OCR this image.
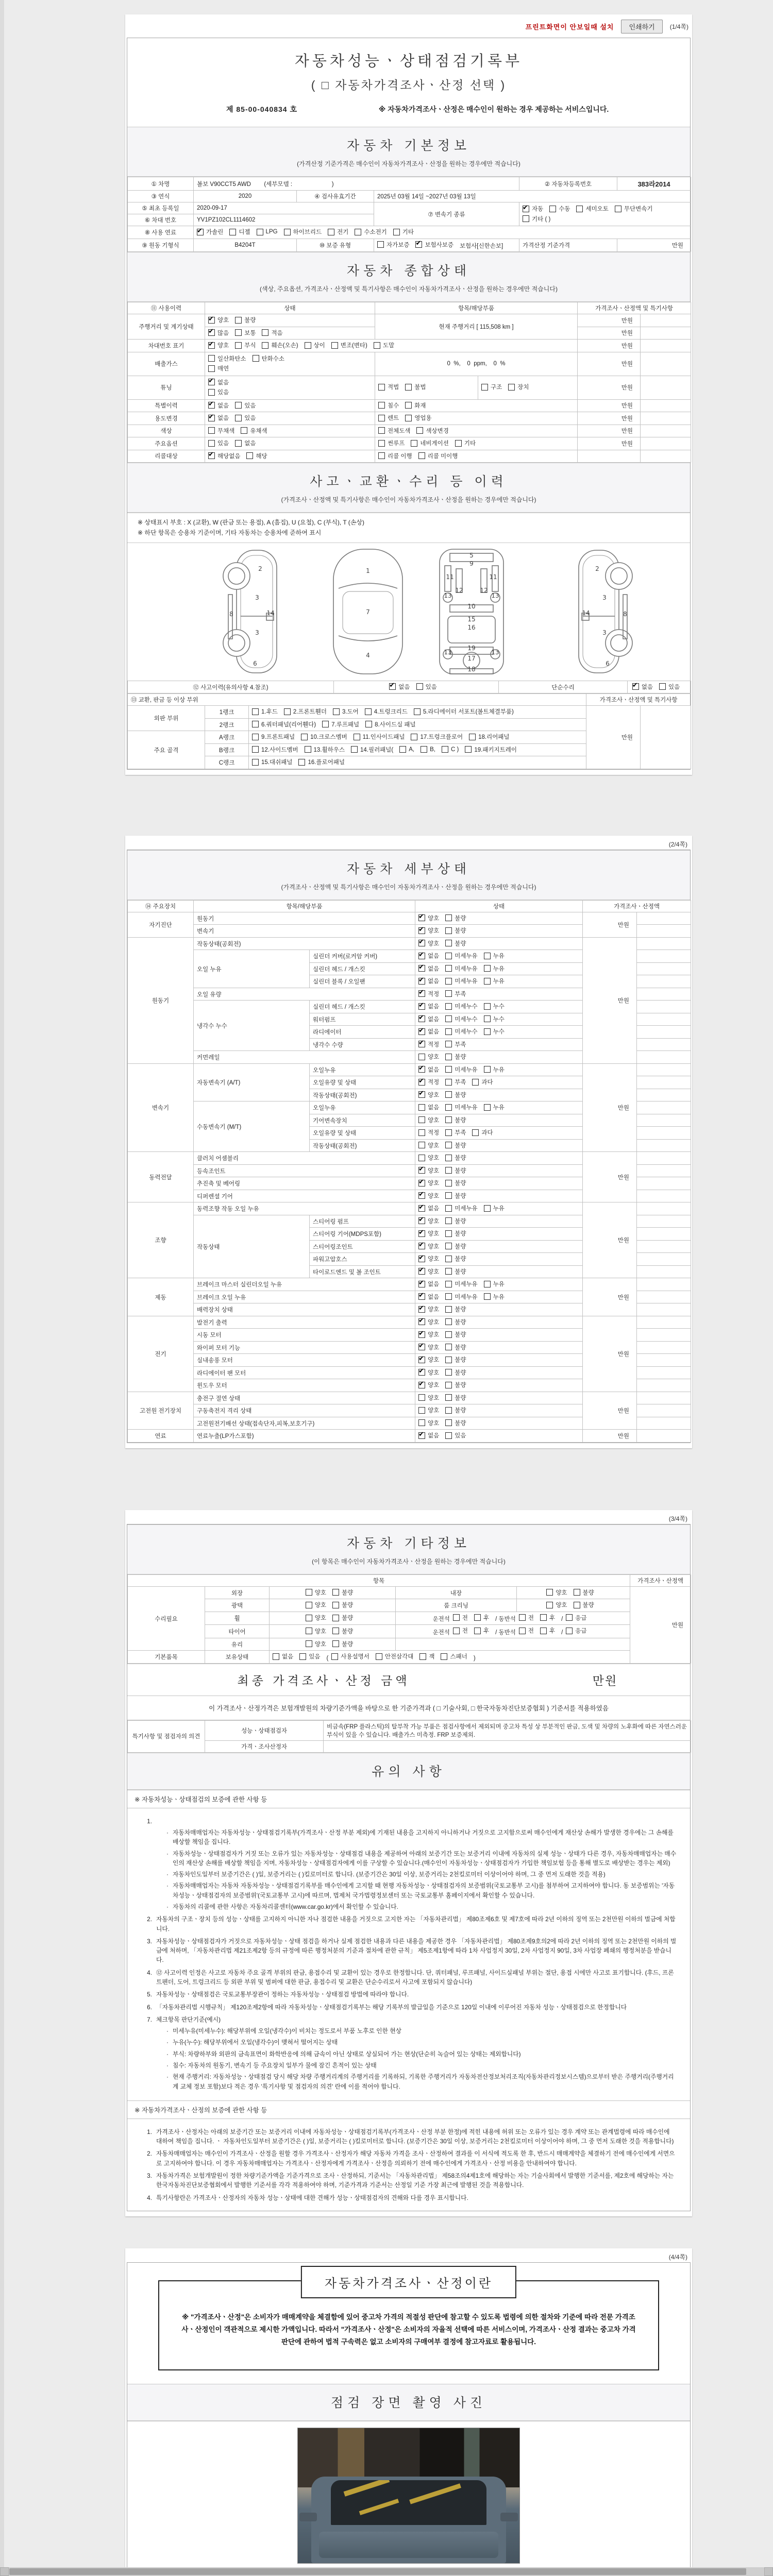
프린트화면이 안보일때 설치	인쇄하기	(1/4쪽)
자동차성능ㆍ상태점검기록부
( □ 자동차가격조사ㆍ산정 선택 )
제 85-00-040834 호	※ 자동차가격조사ㆍ산정은 매수인이 원하는 경우 제공하는 서비스입니다.
자동차 기본정보
(가격산정 기준가격은 매수인이 자동차가격조사ㆍ산정을 원하는 경우에만 적습니다)
① 차명	볼보 V90CCT5 AWD        (세부모델 :                        )			② 자동차등록번호	383라2014
③ 연식	2020	④ 검사유효기간	2025년 03월 14일 ~2027년 03월 13일		
⑤ 최초 등록일	2020-09-17		⑦ 변속기 종류	
✔
자동 수동 세미오토 무단변속기
기타 ( )

⑥ 차대 번호	YV1PZ102CL1114602				
⑧ 사용 연료	
✔가솔린	디젤	LPG	하이브리드	전기	수소전기	기타

⑨ 원동 기형식	B4204T	⑩ 보증 유형	자가보증 ✔ 보험사보증 보험사[신한손보]	가격산정 기준가격	만원
자동차 종합상태
(색상, 주요옵션, 가격조사ㆍ산정액 및 특기사항은 매수인이 자동차가격조사ㆍ산정을 원하는 경우에만 적습니다)
⑪ 사용이력	상태	항목/해당부품		가격조사ㆍ산정액 및 특기사항	
주행거리 및 계기상태	
✔
양호 불량	현재 주행거리 [ 115,508 km ]		만원	

✔
많음 보통 적음			만원	
차대번호 표기	
✔양호	부식	훼손(오손)	상이	변조(변타)	도말	만원	
배출가스	일산화탄소 탄화수소
매연	0  %,    0  ppm,    0  %		만원	
튜닝	
✔
없음
있음

적법	불법	구조	장치	만원	
특별이력	
✔없음 있음	침수 화재		만원	
용도변경	
✔없음 있음	렌트 영업용		만원	
색상	무채색 유채색	전체도색 색상변경		만원	
주요옵션	있음 없음	썬루프 네비게이션 기타		만원	
리콜대상	
✔해당없음 해당	리콜 이행 리콜 미이행			

사고ㆍ교환ㆍ수리 등 이력
(가격조사ㆍ산정액 및 특기사항은 매수인이 자동차가격조사ㆍ산정을 원하는 경우에만 적습니다)
※ 상태표시 부호 : X (교환), W (판금 또는 용접), A (흠집), U (요철), C (부식), T (손상)
※ 하단 항목은 승용차 기준이며, 기타 자동차는 승용차에 준하여 표시
2
3
8	14
3
6
1
7
4
5
9
11	11
12	12
13	13
10
15
16
19
13	13
17
18
2
3
8
14
3
6
⑫ 사고이력(유의사항 4.참조)	
✔없음	있음	단순수리	
✔없음	있음
⑬ 교환, 판금 등 이상 부위			가격조사ㆍ산정액 및 특기사항	
외판 부위	1랭크	1.후드 2.프론트휀더 3.도어 4.트렁크리드 5.라디에이터 서포트(볼트체결부품)	만원	
	2랭크	6.쿼터패널(리어휀다) 7.루프패널 8.사이드실 패널		

주요 골격	A랭크	9.프론트패널 10.크로스멤버 11.인사이드패널 17.트렁크플로어 18.리어패널		

B랭크	12.사이드멤버	13.휠하우스	14.필러패널(	A,	B,	C )	19.패키지트레이

	C랭크	15.대쉬패널 16.플로어패널		
(2/4쪽)
자동차 세부상태
(가격조사ㆍ산정액 및 특기사항은 매수인이 자동차가격조사ㆍ산정을 원하는 경우에만 적습니다)
⑭ 주요장치	항목/해당부품		상태	가격조사ㆍ산정액	
자기진단	원동기	
✔양호 불량	만원	
	변속기	
✔양호 불량

원동기	작동상태(공회전)	
✔양호 불량	만원	
	오일 누유	실린더 커버(로커암 커버)	
✔없음 미세누유 누유

		실린더 헤드 / 개스킷	
✔없음 미세누유 누유

		실린더 블록 / 오일팬	
✔없음 미세누유 누유

	오일 유량	
✔적정 부족

	냉각수 누수	실린더 헤드 / 개스킷	
✔없음 미세누수 누수

		워터펌프	
✔없음 미세누수 누수

		라디에이터	
✔없음 미세누수 누수

		냉각수 수량	
✔적정 부족

	커먼레일		양호 불량		

변속기	자동변속기 (A/T)	오일누유	
✔없음 미세누유 누유	만원	
		오일유량 및 상태	
✔적정 부족 과다

		작동상태(공회전)	
✔양호 불량

	수동변속기 (M/T)	오일누유	없음 미세누유 누유		

		기어변속장치	양호 불량		

		오일유량 및 상태	적정 부족 과다		

		작동상태(공회전)	양호 불량		

동력전달	클러치 어셈블리		양호 불량	만원	
	등속조인트	
✔양호 불량

	추진축 및 베어링	
✔양호 불량

	디퍼렌셜 기어	
✔양호 불량

조향	동력조향 작동 오일 누유	
✔없음 미세누유 누유	만원	
	작동상태	스티어링 펌프	
✔양호 불량

		스티어링 기어(MDPS포함)	
✔양호 불량

		스티어링조인트	
✔양호 불량

		파워고압호스	
✔양호 불량

		타이로드엔드 및 볼 조인트	
✔양호 불량

제동	브레이크 마스터 실린더오일 누유	
✔없음 미세누유 누유	만원	
	브레이크 오일 누유	
✔없음 미세누유 누유

	배력장치 상태	
✔양호 불량

전기	발전기 출력	
✔양호 불량	만원	
	시동 모터	
✔양호 불량

	와이퍼 모터 기능	
✔양호 불량

	실내송풍 모터	
✔양호 불량

	라디에이터 팬 모터	
✔양호 불량

	윈도우 모터	
✔양호 불량

고전원 전기장치	충전구 절연 상태		양호 불량	만원	
	구동축전지 격리 상태		양호 불량		

	고전원전기배선 상태(접속단자,피복,보호기구)		양호 불량		

연료	연료누출(LP가스포함)	
✔없음 있음	만원	
(3/4쪽)
자동차 기타정보
(이 항목은 매수인이 자동차가격조사ㆍ산정을 원하는 경우에만 적습니다)
항목					가격조사ㆍ산정액
수리필요	외장	양호 불량	내장	양호 불량	만원
	광택	양호 불량	룸 크리닝	양호 불량	

휠	양호	불량	운전석 전	후 / 동반석 전	후 / 응급

타이어	양호	불량	운전석 전	후 / 동반석 전	후 / 응급

	유리	양호 불량			

기본품목	보유상태	없음	있음 ( 사용설명서	안전삼각대	잭	스패너 )
최종 가격조사ㆍ산정 금액	만원
이 가격조사ㆍ산정가격은 보험개발원의 차량기준가액을 바탕으로 한 기준가격과 ( □ 기술사회, □ 한국자동차진단보증협회 ) 기준서를 적용하였음
특기사항 및 점검자의 의견	성능ㆍ상태점검자	비금속(FRP 플라스틱)의 탈부착 가능 부품은 점검사항에서 제외되며 중고차 특성 상 부분적인 판금, 도색 및 차량의 노후화에 따른 자연스러운 부식이 있을 수 있습니다. 배출가스 미측정. FRP 보증제외.
	가격ㆍ조사산정자	
유의 사항
※ 자동차성능ㆍ상태점검의 보증에 관한 사항 등
1.
· 자동차매매업자는 자동차성능ㆍ상태점검기록부(가격조사ㆍ산정 부분 제외)에 기재된 내용을 고지하지 아니하거나 거짓으로 고지함으로써 매수인에게 재산상 손해가 발생한 경우에는 그 손해를 배상할 책임을 집니다.
· 자동차성능ㆍ상태점검자가 거짓 또는 오류가 있는 자동차성능ㆍ상태점검 내용을 제공하여 아래의 보증기간 또는 보증거리 이내에 자동차의 실제 성능ㆍ상태가 다른 경우, 자동차매매업자는 매수인의 재산상 손해를 배상할 책임을 지며, 자동차성능ㆍ상태점검자에게 이를 구상할 수 있습니다.(매수인이 자동차성능ㆍ상태점검자가 가입한 책임보험 등을 통해 별도로 배상받는 경우는 제외)
· 자동차인도일부터 보증기간은 ( )일, 보증거리는 ( )킬로미터로 합니다. (보증기간은 30일 이상, 보증거리는 2천킬로미터 이상이어야 하며, 그 중 먼저 도래한 것을 적용)
· 자동차매매업자는 자동차 자동차성능ㆍ상태점검기록부를 매수인에게 고지할 때 현행 자동차성능ㆍ상태점검자의 보증범위(국토교통부 고시)를 첨부하여 고지하여야 합니다. 동 보증범위는 '자동차성능ㆍ상태점검자의 보증범위'(국토교통부 고시)에 따르며, 법제처 국가법령정보센터 또는 국토교통부 홈페이지에서 확인할 수 있습니다.
· 자동차의 리콜에 관한 사항은 자동차리콜센터(www.car.go.kr)에서 확인할 수 있습니다.
2. 자동차의 구조ㆍ장치 등의 성능ㆍ상태를 고지하지 아니한 자나 점검한 내용을 거짓으로 고지한 자는 「자동차관리법」 제80조제6호 및 제7호에 따라 2년 이하의 징역 또는 2천만원 이하의 벌금에 처합니다.
3. 자동차성능ㆍ상태점검자가 거짓으로 자동차성능ㆍ상태 점검을 하거나 실제 점검한 내용과 다른 내용을 제공한 경우 「자동차관리법」 제80조제9호의2에 따라 2년 이하의 징역 또는 2천만원 이하의 벌금에 처하며, 「자동차관리법 제21조제2항 등의 규정에 따른 행정처분의 기준과 절차에 관한 규칙」 제5조제1항에 따라 1차 사업정지 30일, 2차 사업정지 90일, 3차 사업장 폐쇄의 행정처분을 받습니다.
4. ⑫ 사고이력 인정은 사고로 자동차 주요 골격 부위의 판금, 용접수리 및 교환이 있는 경우로 한정합니다. 단, 쿼터패널, 루프패널, 사이드실패널 부위는 절단, 용접 시에만 사고로 표기합니다. (후드, 프론트펜더, 도어, 트렁크리드 등 외판 부위 및 범퍼에 대한 판금, 용접수리 및 교환은 단순수리로서 사고에 포함되지 않습니다)
5. 자동차성능ㆍ상태점검은 국토교통부장관이 정하는 자동차성능ㆍ상태점검 방법에 따라야 합니다.
6. 「자동차관리법 시행규칙」 제120조제2항에 따라 자동차성능ㆍ상태점검기록부는 해당 기록부의 발급일을 기준으로 120일 이내에 이루어진 자동차 성능ㆍ상태점검으로 한정합니다
7. 체크항목 판단기준(예시)
· 미세누유(미세누수): 해당부위에 오일(냉각수)이 비치는 정도로서 부품 노후로 인한 현상
· 누유(누수): 해당부위에서 오일(냉각수)이 맺혀서 떨어지는 상태
· 부식: 차량하부와 외판의 금속표면이 화학반응에 의해 금속이 아닌 상태로 상실되어 가는 현상(단순히 녹슬어 있는 상태는 제외합니다)
· 침수: 자동차의 원동기, 변속기 등 주요장치 일부가 물에 잠긴 흔적이 있는 상태
· 현재 주행거리: 자동차성능ㆍ상태점검 당시 해당 차량 주행거리계의 주행거리를 기록하되, 기록한 주행거리가 자동차전산정보처리조직(자동차관리정보시스템)으로부터 받은 주행거리(주행거리계 교체 정보 포함)보다 적은 경우 '특기사항 및 점검자의 의견' 란에 이를 적어야 합니다.
※ 자동차가격조사ㆍ산정의 보증에 관한 사항 등
1. 가격조사ㆍ산정자는 아래의 보증기간 또는 보증거리 이내에 자동차성능ㆍ상태점검기록부(가격조사ㆍ산정 부분 한정)에 적힌 내용에 허위 또는 오류가 있는 경우 계약 또는 관계법령에 따라 매수인에 대하여 책임을 집니다. ㆍ 자동차인도일부터 보증기간은 ( )일, 보증거리는 ( )킬로미터로 합니다. (보증기간은 30일 이상, 보증거리는 2천킬로미터 이상이어야 하며, 그 중 먼저 도래한 것을 적용합니다)
2. 자동차매매업자는 매수인이 가격조사ㆍ산정을 원할 경우 가격조사ㆍ산정자가 해당 자동차 가격을 조사ㆍ산정하여 결과를 이 서식에 적도록 한 후, 반드시 매매계약을 체결하기 전에 매수인에게 서면으로 고지하여야 합니다. 이 경우 자동차매매업자는 가격조사ㆍ산정자에게 가격조사ㆍ산정을 의뢰하기 전에 매수인에게 가격조사ㆍ산정 비용을 안내하여야 합니다.
3. 자동차가격은 보험개발원이 정한 차량기준가액을 기준가격으로 조사ㆍ산정하되, 기준서는 「자동차관리법」 제58조의4제1호에 해당하는 자는 기술사회에서 발행한 기준서를, 제2호에 해당하는 자는 한국자동차진단보증협회에서 발행한 기준서를 각각 적용하여야 하며, 기준가격과 기준서는 산정일 기준 가장 최근에 발행된 것을 적용합니다.
4. 특기사항란은 가격조사ㆍ산정자의 자동차 성능ㆍ상태에 대한 견해가 성능ㆍ상태점검자의 견해와 다를 경우 표시합니다.
(4/4쪽)
자동차가격조사ㆍ산정이란
※ "가격조사ㆍ산정"은 소비자가 매매계약을 체결함에 있어 중고차 가격의 적절성 판단에 참고할 수 있도록 법령에 의한 절차와 기준에 따라 전문 가격조사ㆍ산정인이 객관적으로 제시한 가액입니다. 따라서 "가격조사ㆍ산정"은 소비자의 자율적 선택에 따른 서비스이며, 가격조사ㆍ산정 결과는 중고차 가격판단에 관하여 법적 구속력은 없고 소비자의 구매여부 결정에 참고자료로 활용됩니다.
점검 장면 촬영 사진
